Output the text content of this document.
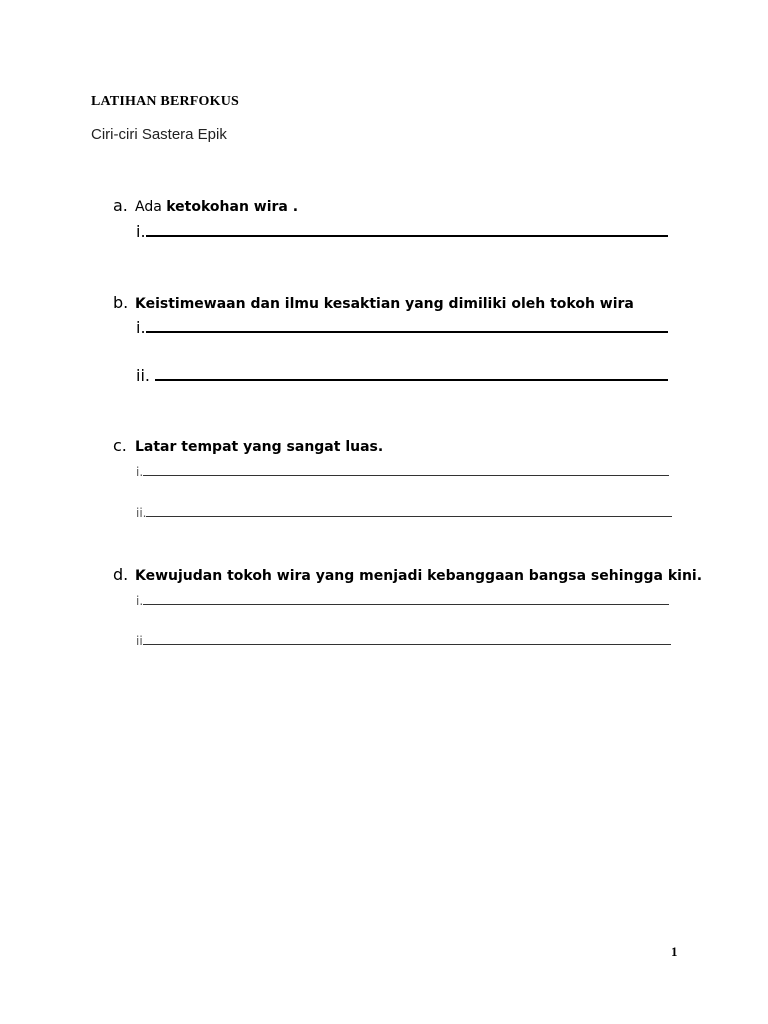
LATIHAN BERFOKUS

Ciri-ciri Sastera Epik

a. Ada ketokohan wira .
i.
b. Keistimewaan dan ilmu kesaktian yang dimiliki oleh tokoh wira
i.
ii.
c. Latar tempat yang sangat luas.
i.
ii.
d. Kewujudan tokoh wira yang menjadi kebanggaan bangsa sehingga kini.
i.
ii
1
